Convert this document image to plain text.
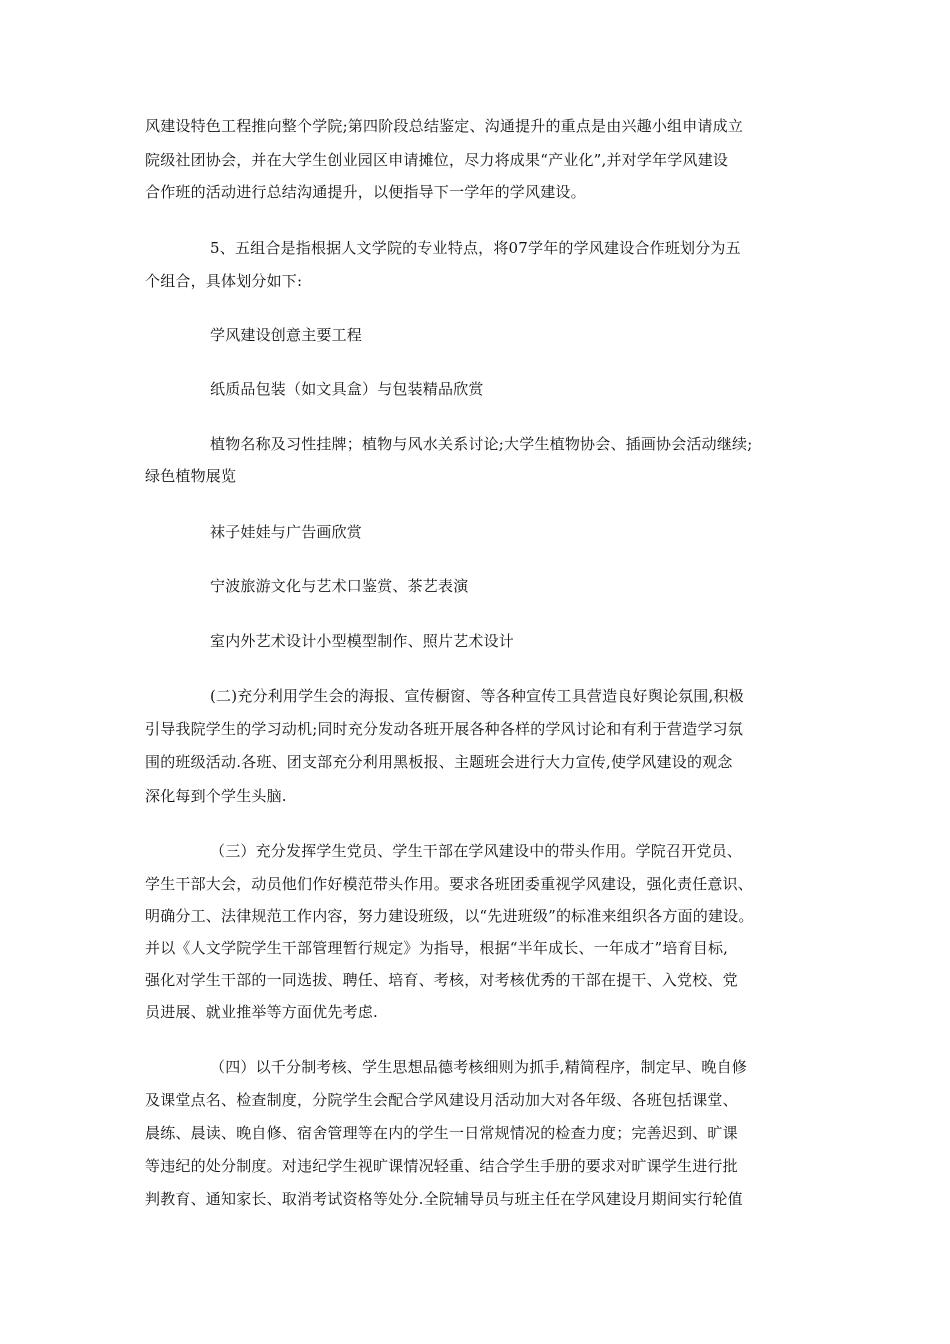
风建设特色工程推向整个学院;第四阶段总结鉴定、沟通提升的重点是由兴趣小组申请成立
院级社团协会，并在大学生创业园区申请摊位，尽力将成果“产业化”,并对学年学风建设
合作班的活动进行总结沟通提升，以便指导下一学年的学风建设。
5、五组合是指根据人文学院的专业特点，将07学年的学风建设合作班划分为五
个组合，具体划分如下:
学风建设创意主要工程
纸质品包装（如文具盒）与包装精品欣赏
植物名称及习性挂牌；植物与风水关系讨论;大学生植物协会、插画协会活动继续;
绿色植物展览
袜子娃娃与广告画欣赏
宁波旅游文化与艺术口鉴赏、茶艺表演
室内外艺术设计小型模型制作、照片艺术设计
(二)充分利用学生会的海报、宣传橱窗、等各种宣传工具营造良好舆论氛围,积极
引导我院学生的学习动机;同时充分发动各班开展各种各样的学风讨论和有利于营造学习氛
围的班级活动.各班、团支部充分利用黑板报、主题班会进行大力宣传,使学风建设的观念
深化每到个学生头脑.
（三）充分发挥学生党员、学生干部在学风建设中的带头作用。学院召开党员、
学生干部大会，动员他们作好模范带头作用。要求各班团委重视学风建设，强化责任意识、
明确分工、法律规范工作内容，努力建设班级，以“先进班级”的标准来组织各方面的建设。
并以《人文学院学生干部管理暂行规定》为指导，根据“半年成长、一年成才”培育目标,
强化对学生干部的一同选拔、聘任、培育、考核，对考核优秀的干部在提干、入党校、党
员进展、就业推举等方面优先考虑.
（四）以千分制考核、学生思想品德考核细则为抓手,精简程序，制定早、晚自修
及课堂点名、检查制度，分院学生会配合学风建设月活动加大对各年级、各班包括课堂、
晨练、晨读、晚自修、宿舍管理等在内的学生一日常规情况的检查力度；完善迟到、旷课
等违纪的处分制度。对违纪学生视旷课情况轻重、结合学生手册的要求对旷课学生进行批
判教育、通知家长、取消考试资格等处分.全院辅导员与班主任在学风建设月期间实行轮值
